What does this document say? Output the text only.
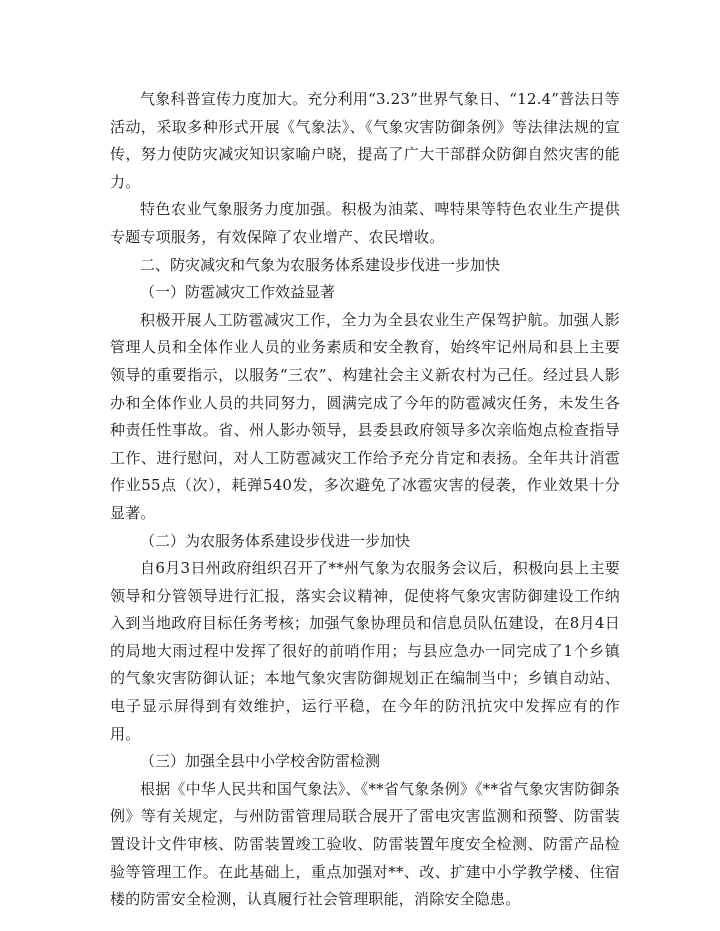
气象科普宣传力度加大。充分利用“3.23”世界气象日、“12.4”普法日等活动，采取多种形式开展《气象法》、《气象灾害防御条例》等法律法规的宣传，努力使防灾减灾知识家喻户晓，提高了广大干部群众防御自然灾害的能力。

特色农业气象服务力度加强。积极为油菜、啤特果等特色农业生产提供专题专项服务，有效保障了农业增产、农民增收。

二、防灾减灾和气象为农服务体系建设步伐进一步加快

（一）防雹减灾工作效益显著

积极开展人工防雹减灾工作，全力为全县农业生产保驾护航。加强人影管理人员和全体作业人员的业务素质和安全教育，始终牢记州局和县上主要领导的重要指示，以服务“三农”、构建社会主义新农村为己任。经过县人影办和全体作业人员的共同努力，圆满完成了今年的防雹减灾任务，未发生各种责任性事故。省、州人影办领导，县委县政府领导多次亲临炮点检查指导工作、进行慰问，对人工防雹减灾工作给予充分肯定和表扬。全年共计消雹作业55点（次），耗弹540发，多次避免了冰雹灾害的侵袭，作业效果十分显著。

（二）为农服务体系建设步伐进一步加快

自6月3日州政府组织召开了**州气象为农服务会议后，积极向县上主要领导和分管领导进行汇报，落实会议精神，促使将气象灾害防御建设工作纳入到当地政府目标任务考核；加强气象协理员和信息员队伍建设，在8月4日的局地大雨过程中发挥了很好的前哨作用；与县应急办一同完成了1个乡镇的气象灾害防御认证；本地气象灾害防御规划正在编制当中；乡镇自动站、电子显示屏得到有效维护，运行平稳，在今年的防汛抗灾中发挥应有的作用。

（三）加强全县中小学校舍防雷检测

根据《中华人民共和国气象法》、《**省气象条例》《**省气象灾害防御条例》等有关规定，与州防雷管理局联合展开了雷电灾害监测和预警、防雷装置设计文件审核、防雷装置竣工验收、防雷装置年度安全检测、防雷产品检验等管理工作。在此基础上，重点加强对**、改、扩建中小学教学楼、住宿楼的防雷安全检测，认真履行社会管理职能，消除安全隐患。
